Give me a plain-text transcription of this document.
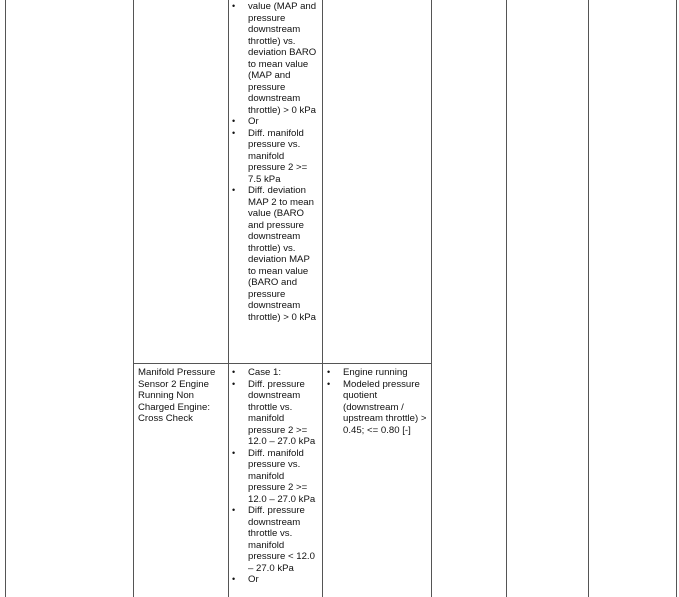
• value (MAP and pressure downstream throttle) vs. deviation BARO to mean value (MAP and pressure downstream throttle) > 0 kPa
• Or
• Diff. manifold pressure vs. manifold pressure 2 >= 7.5 kPa
• Diff. deviation MAP 2 to mean value (BARO and pressure downstream throttle) vs. deviation MAP to mean value (BARO and pressure downstream throttle) > 0 kPa
Manifold Pressure Sensor 2 Engine Running Non Charged Engine: Cross Check
• Case 1:
• Diff. pressure downstream throttle vs. manifold pressure 2 >= 12.0 – 27.0 kPa
• Diff. manifold pressure vs. manifold pressure 2 >= 12.0 – 27.0 kPa
• Diff. pressure downstream throttle vs. manifold pressure < 12.0 – 27.0 kPa
• Or
• Engine running
• Modeled pressure quotient (downstream / upstream throttle) > 0.45; <= 0.80 [-]
